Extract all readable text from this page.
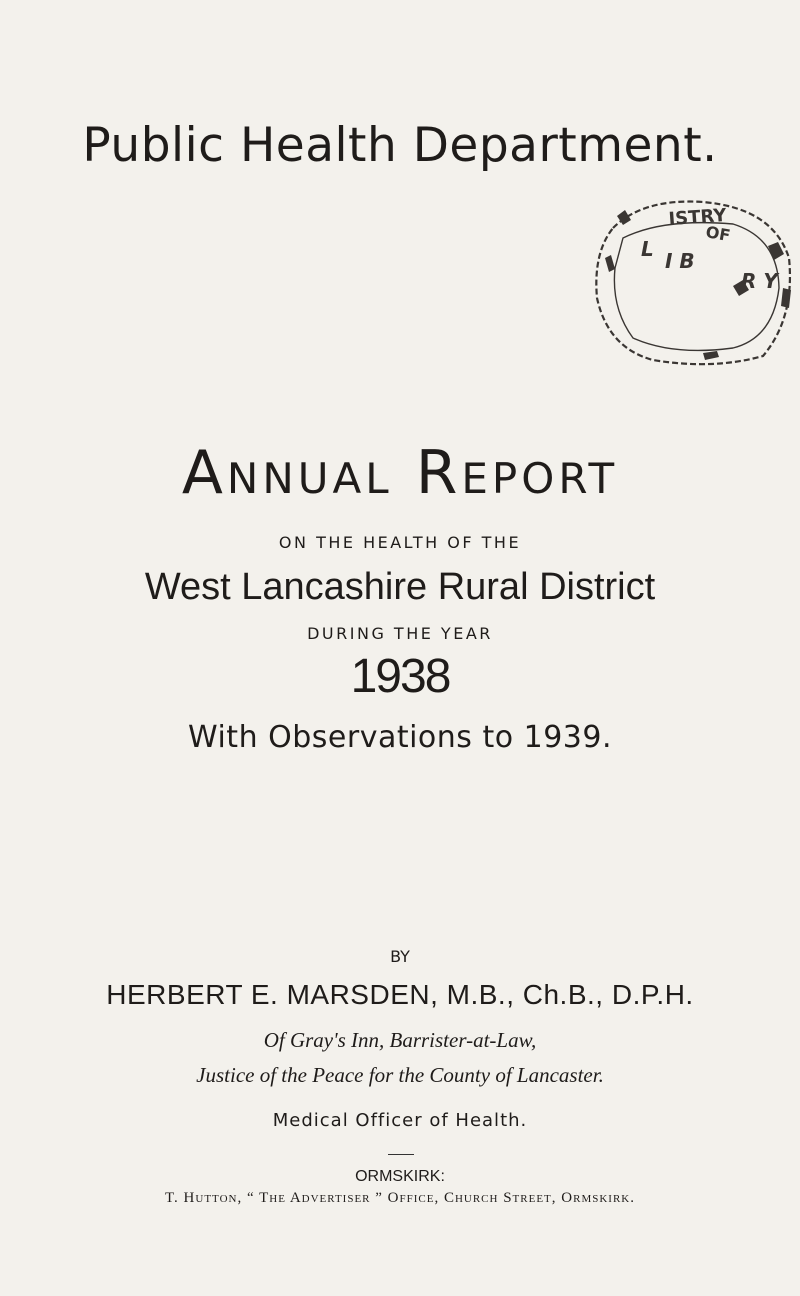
Public Health Department.
ISTRY
OF
L I B
R Y
Annual Report
ON THE HEALTH OF THE
West Lancashire Rural District
DURING THE YEAR
1938
With Observations to 1939.
BY
HERBERT E. MARSDEN, M.B., Ch.B., D.P.H.
Of Gray's Inn, Barrister-at-Law,
Justice of the Peace for the County of Lancaster.
Medical Officer of Health.
ORMSKIRK:
T. Hutton, “ The Advertiser ” Office, Church Street, Ormskirk.
